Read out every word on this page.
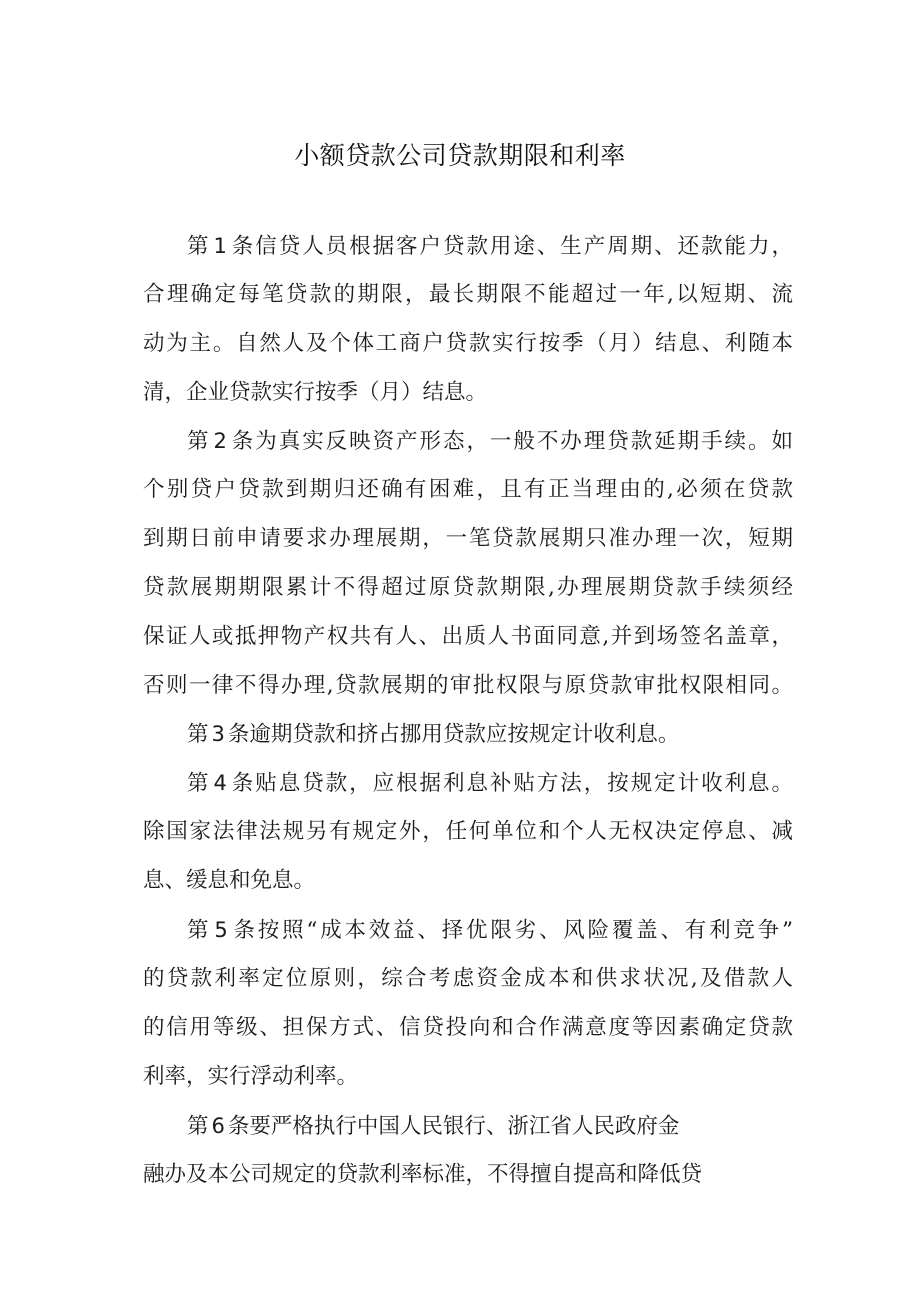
小额贷款公司贷款期限和利率
第 1 条信贷人员根据客户贷款用途、生产周期、还款能力，
合理确定每笔贷款的期限，最长期限不能超过一年,以短期、流
动为主。自然人及个体工商户贷款实行按季（月）结息、利随本
清，企业贷款实行按季（月）结息。
第 2 条为真实反映资产形态，一般不办理贷款延期手续。如
个别贷户贷款到期归还确有困难，且有正当理由的,必须在贷款
到期日前申请要求办理展期，一笔贷款展期只准办理一次，短期
贷款展期期限累计不得超过原贷款期限,办理展期贷款手续须经
保证人或抵押物产权共有人、出质人书面同意,并到场签名盖章，
否则一律不得办理,贷款展期的审批权限与原贷款审批权限相同。
第 3 条逾期贷款和挤占挪用贷款应按规定计收利息。
第 4 条贴息贷款，应根据利息补贴方法，按规定计收利息。
除国家法律法规另有规定外，任何单位和个人无权决定停息、减
息、缓息和免息。
第 5 条按照“成本效益、择优限劣、风险覆盖、有利竞争”
的贷款利率定位原则，综合考虑资金成本和供求状况,及借款人
的信用等级、担保方式、信贷投向和合作满意度等因素确定贷款
利率，实行浮动利率。
第 6 条要严格执行中国人民银行、浙江省人民政府金
融办及本公司规定的贷款利率标准，不得擅自提高和降低贷
